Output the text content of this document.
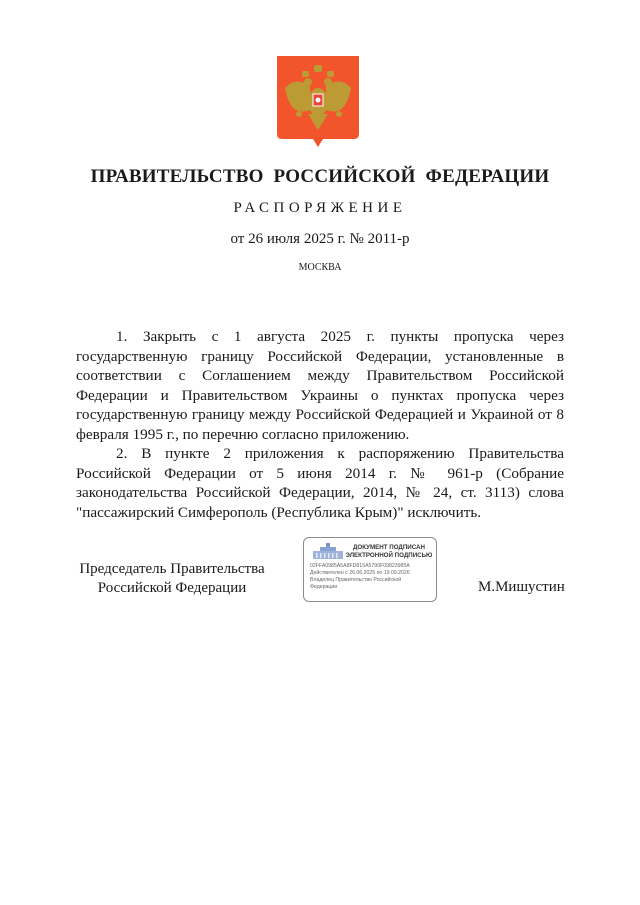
ПРАВИТЕЛЬСТВО РОССИЙСКОЙ ФЕДЕРАЦИИ
РАСПОРЯЖЕНИЕ
от 26 июля 2025 г. № 2011-р
МОСКВА

1. Закрыть с 1 августа 2025 г. пункты пропуска через государственную границу Российской Федерации, установленные в соответствии с Соглашением между Правительством Российской Федерации и Правительством Украины о пунктах пропуска через государственную границу между Российской Федерацией и Украиной от 8 февраля 1995 г., по перечню согласно приложению.

2. В пункте 2 приложения к распоряжению Правительства Российской Федерации от 5 июня 2014 г. № 961-р (Собрание законодательства Российской Федерации, 2014, № 24, ст. 3113) слова "пассажирский Симферополь (Республика Крым)" исключить.

Председатель Правительства
Российской Федерации
ДОКУМЕНТ ПОДПИСАН
ЭЛЕКТРОННОЙ ПОДПИСЬЮ
02FFA0985A5A8FD815A5790F09823985A
Действителен с 26.06.2025 по 19.09.2026
Владелец Правительство Российской
Федерации	М.Мишустин
